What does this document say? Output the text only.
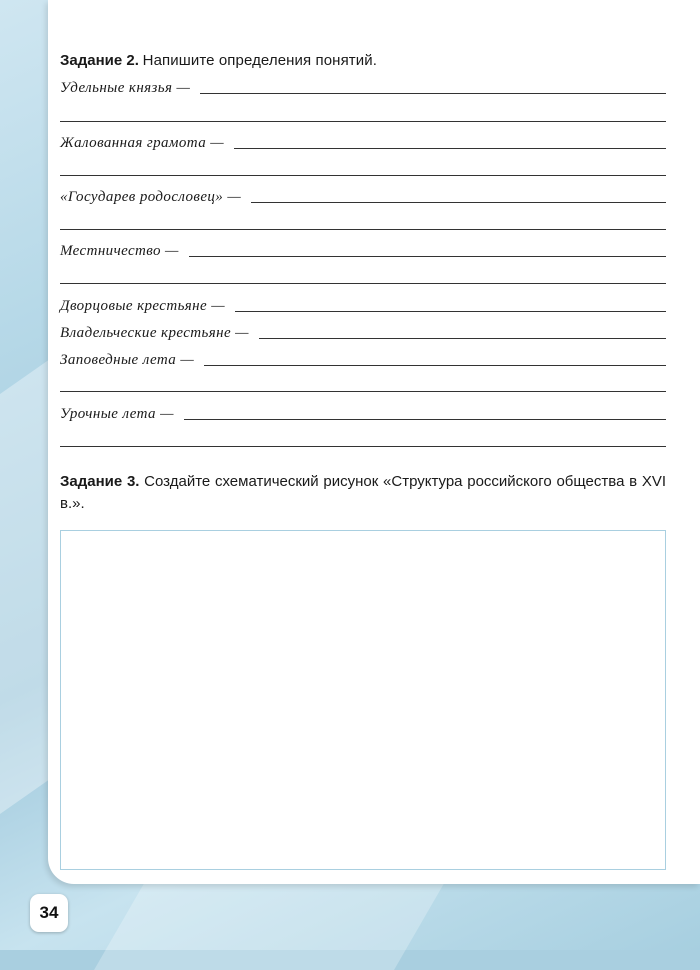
Задание 2. Напишите определения понятий.
Удельные князья —
Жалованная грамота —
«Государев родословец» —
Местничество —
Дворцовые крестьяне —
Владельческие крестьяне —
Заповедные лета —
Урочные лета —
Задание 3. Создайте схематический рисунок «Структура российского общества в XVI в.».
34
